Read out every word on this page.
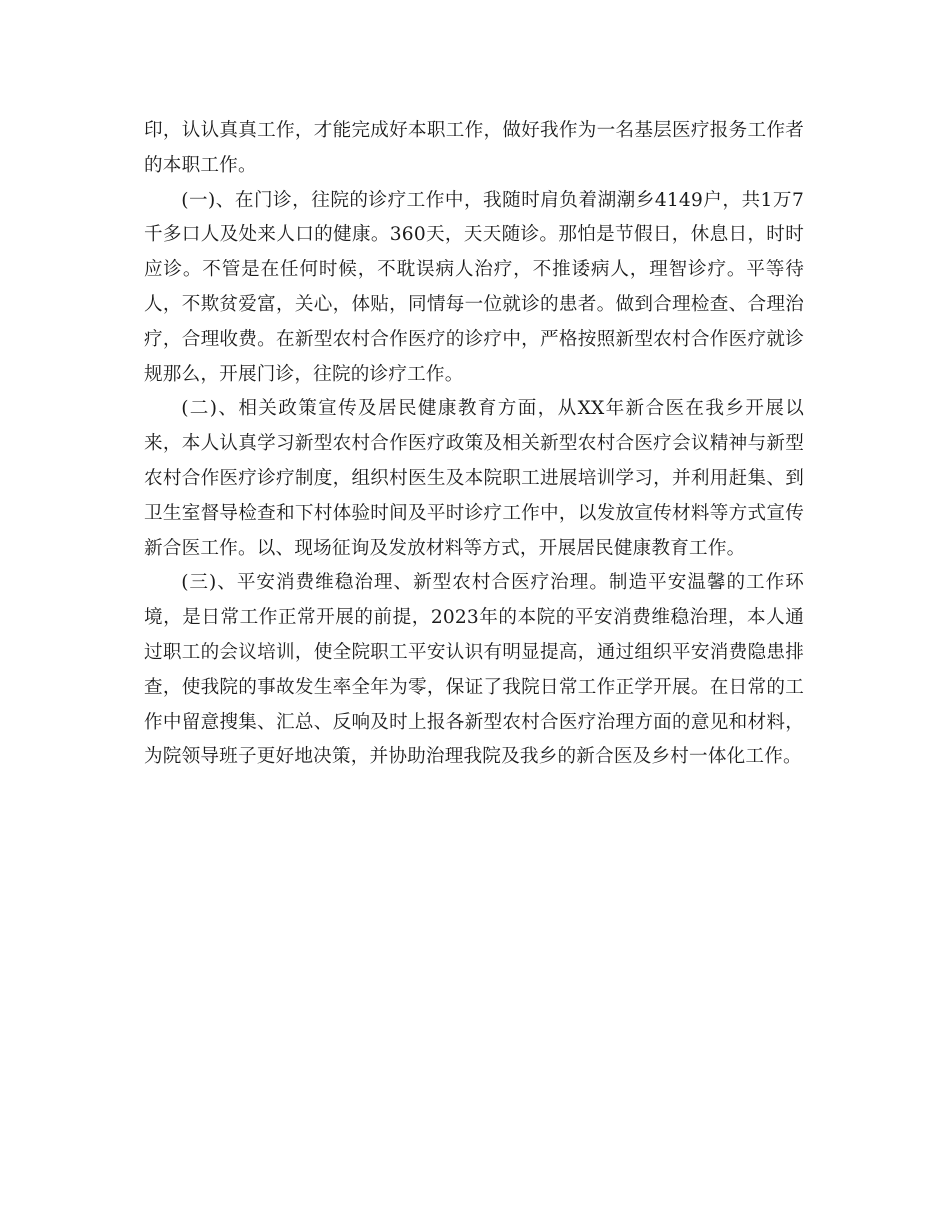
印，认认真真工作，才能完成好本职工作，做好我作为一名基层医疗报务工作者的本职工作。

(一)、在门诊，往院的诊疗工作中，我随时肩负着湖潮乡4149户，共1万7千多口人及处来人口的健康。360天，天天随诊。那怕是节假日，休息日，时时应诊。不管是在任何时候，不耽误病人治疗，不推诿病人，理智诊疗。平等待人，不欺贫爱富，关心，体贴，同情每一位就诊的患者。做到合理检查、合理治疗，合理收费。在新型农村合作医疗的诊疗中，严格按照新型农村合作医疗就诊规那么，开展门诊，往院的诊疗工作。

(二)、相关政策宣传及居民健康教育方面，从XX年新合医在我乡开展以来，本人认真学习新型农村合作医疗政策及相关新型农村合医疗会议精神与新型农村合作医疗诊疗制度，组织村医生及本院职工进展培训学习，并利用赶集、到卫生室督导检查和下村体验时间及平时诊疗工作中，以发放宣传材料等方式宣传新合医工作。以、现场征询及发放材料等方式，开展居民健康教育工作。

(三)、平安消费维稳治理、新型农村合医疗治理。制造平安温馨的工作环境，是日常工作正常开展的前提，2023年的本院的平安消费维稳治理，本人通过职工的会议培训，使全院职工平安认识有明显提高，通过组织平安消费隐患排查，使我院的事故发生率全年为零，保证了我院日常工作正学开展。在日常的工作中留意搜集、汇总、反响及时上报各新型农村合医疗治理方面的意见和材料，为院领导班子更好地决策，并协助治理我院及我乡的新合医及乡村一体化工作。
